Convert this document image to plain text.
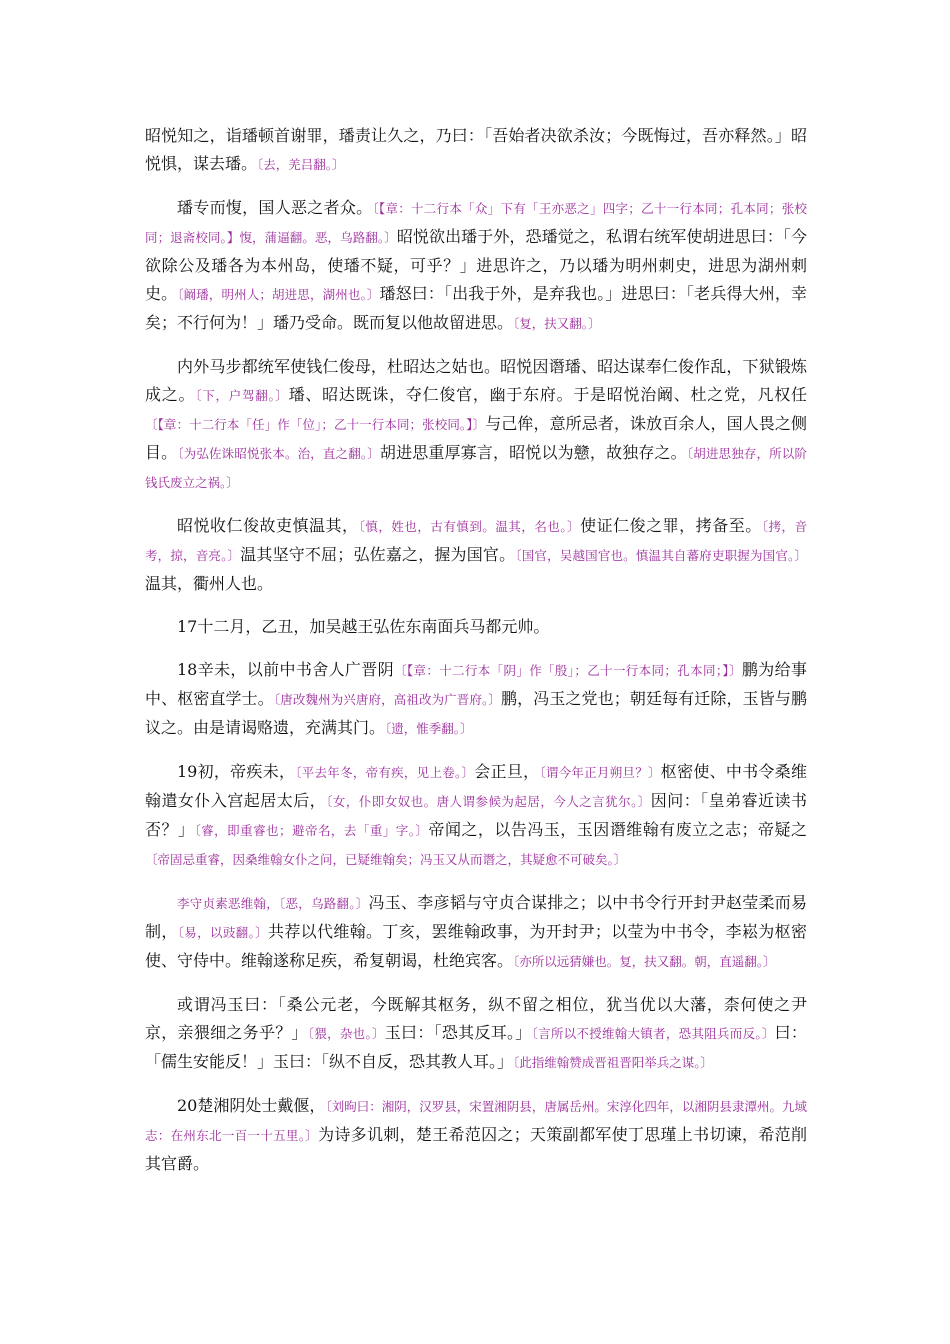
昭悦知之，诣璠顿首谢罪，璠责让久之，乃曰：「吾始者决欲杀汝；今既悔过，吾亦释然。」昭悦惧，谋去璠。〔去，羌吕翻。〕

璠专而愎，国人恶之者众。〔【章：十二行本「众」下有「王亦恶之」四字；乙十一行本同；孔本同；张校同；退斋校同。】愎，蒲逼翻。恶，乌路翻。〕昭悦欲出璠于外，恐璠觉之，私谓右统军使胡进思曰：「今欲除公及璠各为本州岛，使璠不疑，可乎？」进思许之，乃以璠为明州刺史，进思为湖州刺史。〔阚璠，明州人；胡进思，湖州也。〕璠怒曰：「出我于外，是弃我也。」进思曰：「老兵得大州，幸矣；不行何为！」璠乃受命。既而复以他故留进思。〔复，扶又翻。〕

内外马步都统军使钱仁俊母，杜昭达之姑也。昭悦因谮璠、昭达谋奉仁俊作乱，下狱锻炼成之。〔下，户驾翻。〕璠、昭达既诛，夺仁俊官，幽于东府。于是昭悦治阚、杜之党，凡权任〔【章：十二行本「任」作「位」；乙十一行本同；张校同。】〕与己侔，意所忌者，诛放百余人，国人畏之侧目。〔为弘佐诛昭悦张本。治，直之翻。〕胡进思重厚寡言，昭悦以为戆，故独存之。〔胡进思独存，所以阶钱氏废立之祸。〕

昭悦收仁俊故吏慎温其，〔慎，姓也，古有慎到。温其，名也。〕使证仁俊之罪，拷备至。〔拷，音考，掠，音亮。〕温其坚守不屈；弘佐嘉之，握为国官。〔国官，吴越国官也。慎温其自蕃府吏职握为国官。〕温其，衢州人也。

17十二月，乙丑，加吴越王弘佐东南面兵马都元帅。

18辛未，以前中书舍人广晋阴〔【章：十二行本「阴」作「殷」；乙十一行本同；孔本同；】〕鹏为给事中、枢密直学士。〔唐改魏州为兴唐府，高祖改为广晋府。〕鹏，冯玉之党也；朝廷每有迁除，玉皆与鹏议之。由是请谒赂遗，充满其门。〔遗，惟季翻。〕

19初，帝疾未，〔平去年冬，帝有疾，见上卷。〕会正旦，〔谓今年正月朔旦？〕枢密使、中书令桑维翰遣女仆入宫起居太后，〔女，仆即女奴也。唐人谓参候为起居，今人之言犹尔。〕因问：「皇弟睿近读书否？」〔睿，即重睿也；避帝名，去「重」字。〕帝闻之，以告冯玉，玉因谮维翰有废立之志；帝疑之〔帝固忌重睿，因桑维翰女仆之问，已疑维翰矣；冯玉又从而谮之，其疑愈不可破矣。〕

李守贞素恶维翰，〔恶，乌路翻。〕冯玉、李彦韬与守贞合谋排之；以中书令行开封尹赵莹柔而易制，〔易，以豉翻。〕共荐以代维翰。丁亥，罢维翰政事，为开封尹；以莹为中书令，李崧为枢密使、守侍中。维翰遂称足疾，希复朝谒，杜绝宾客。〔亦所以远猜嫌也。复，扶又翻。朝，直遥翻。〕

或谓冯玉曰：「桑公元老，今既解其枢务，纵不留之相位，犹当优以大藩，柰何使之尹京，亲猥细之务乎？」〔猥，杂也。〕玉曰：「恐其反耳。」〔言所以不授维翰大镇者，恐其阻兵而反。〕曰：「儒生安能反！」玉曰：「纵不自反，恐其教人耳。」〔此指维翰赞成晋祖晋阳举兵之谋。〕

20楚湘阴处士戴偃，〔刘昫曰：湘阴，汉罗县，宋置湘阴县，唐属岳州。宋淳化四年，以湘阴县隶潭州。九域志：在州东北一百一十五里。〕为诗多讥刺，楚王希范囚之；天策副都军使丁思瑾上书切谏，希范削其官爵。
